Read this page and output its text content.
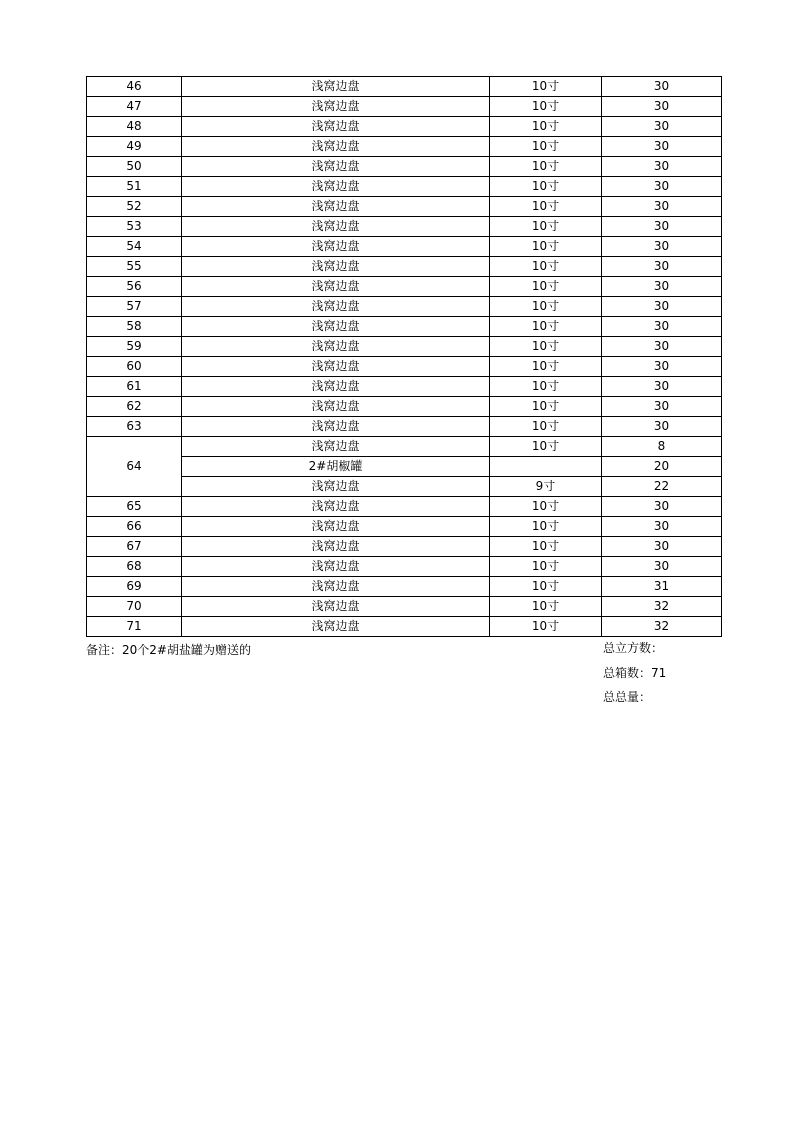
46	浅窝边盘	10寸	30
47	浅窝边盘	10寸	30
48	浅窝边盘	10寸	30
49	浅窝边盘	10寸	30
50	浅窝边盘	10寸	30
51	浅窝边盘	10寸	30
52	浅窝边盘	10寸	30
53	浅窝边盘	10寸	30
54	浅窝边盘	10寸	30
55	浅窝边盘	10寸	30
56	浅窝边盘	10寸	30
57	浅窝边盘	10寸	30
58	浅窝边盘	10寸	30
59	浅窝边盘	10寸	30
60	浅窝边盘	10寸	30
61	浅窝边盘	10寸	30
62	浅窝边盘	10寸	30
63	浅窝边盘	10寸	30
64	浅窝边盘	10寸	8
	2#胡椒罐		20
	浅窝边盘	9寸	22
65	浅窝边盘	10寸	30
66	浅窝边盘	10寸	30
67	浅窝边盘	10寸	30
68	浅窝边盘	10寸	30
69	浅窝边盘	10寸	31
70	浅窝边盘	10寸	32
71	浅窝边盘	10寸	32
备注：20个2#胡盐罐为赠送的	总立方数：
总箱数：71
总总量：
